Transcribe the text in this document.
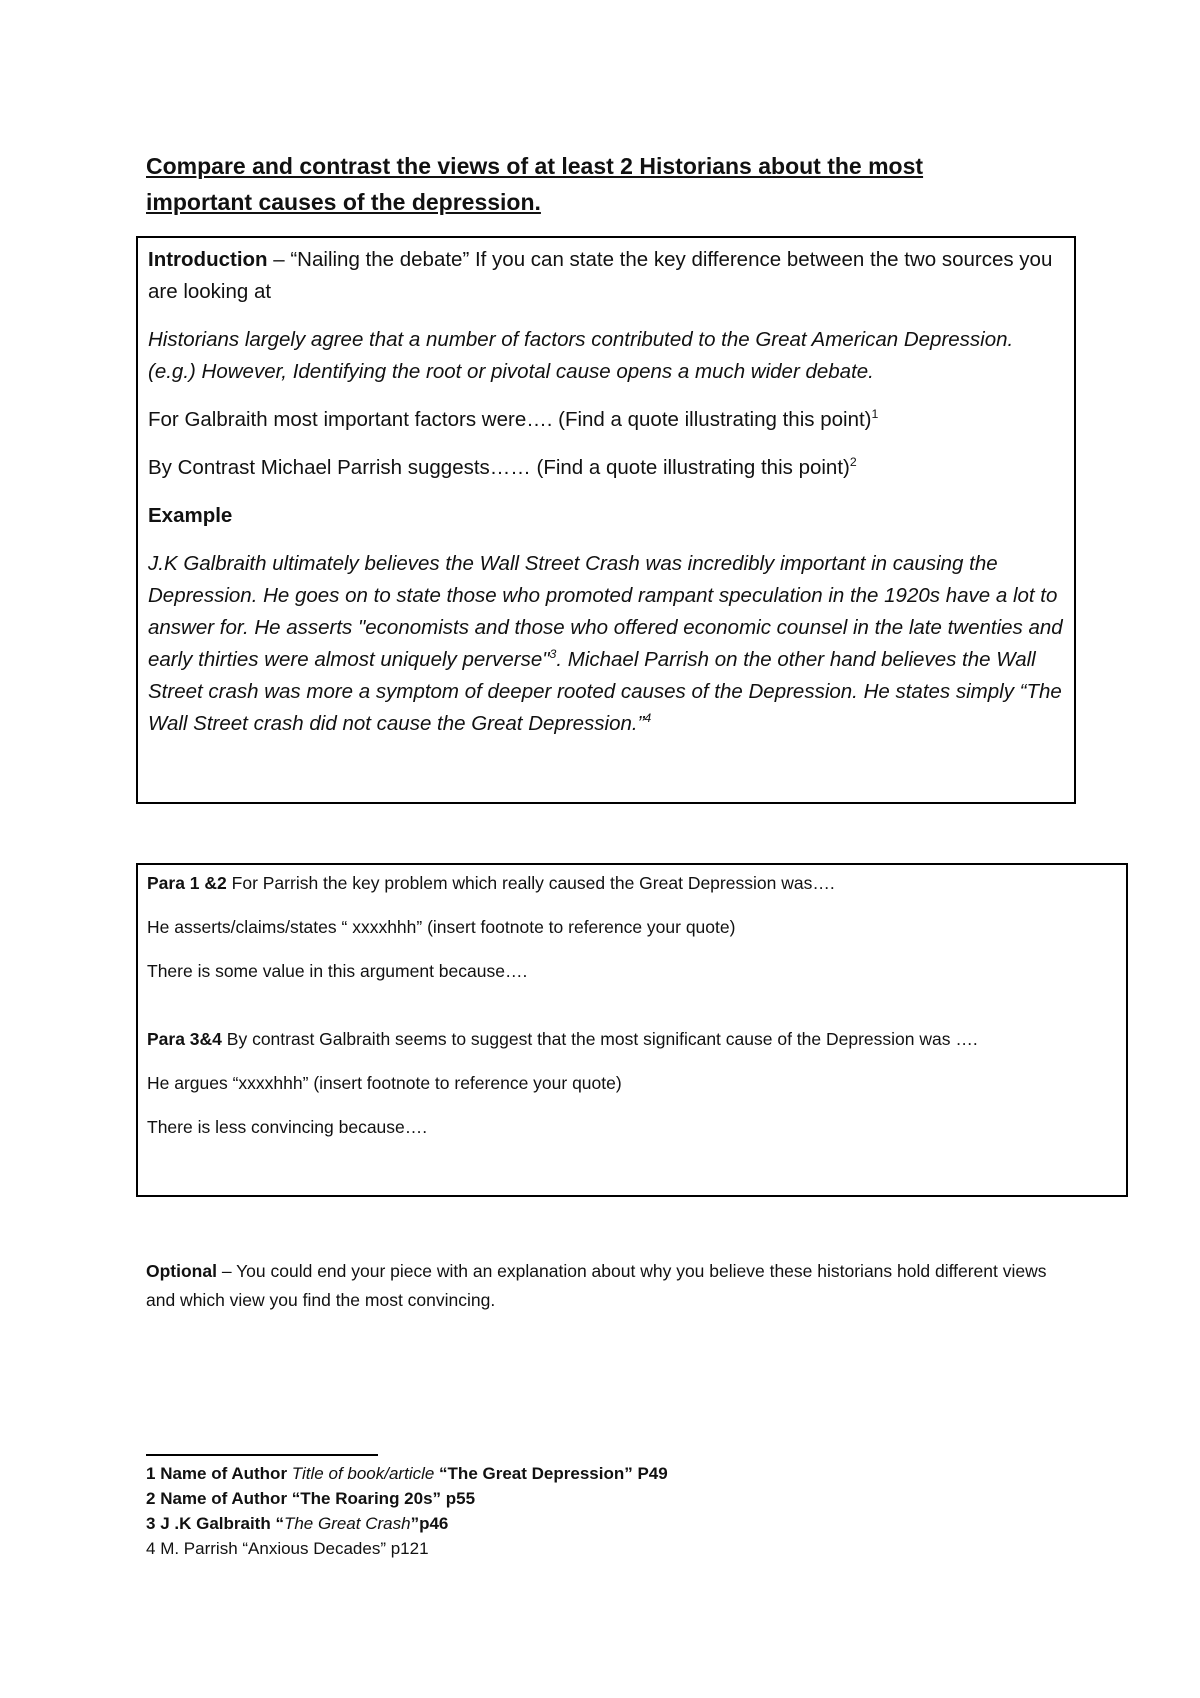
Compare and contrast the views of at least 2 Historians about the most
important causes of the depression.

Introduction – “Nailing the debate” If you can state the key difference between the two sources you are looking at

Historians largely agree that a number of factors contributed to the Great American Depression. (e.g.) However, Identifying the root or pivotal cause opens a much wider debate.

For Galbraith most important factors were…. (Find a quote illustrating this point)$^1$

By Contrast Michael Parrish suggests…… (Find a quote illustrating this point)$^2$

Example

J.K Galbraith ultimately believes the Wall Street Crash was incredibly important in causing the Depression. He goes on to state those who promoted rampant speculation in the 1920s have a lot to answer for. He asserts "economists and those who offered economic counsel in the late twenties and early thirties were almost uniquely perverse"$^3$. Michael Parrish on the other hand believes the Wall Street crash was more a symptom of deeper rooted causes of the Depression. He states simply “The Wall Street crash did not cause the Great Depression.”$^4$

Para 1 &2 For Parrish the key problem which really caused the Great Depression was….

He asserts/claims/states “ xxxxhhh” (insert footnote to reference your quote)

There is some value in this argument because….

Para 3&4 By contrast Galbraith seems to suggest that the most significant cause of the Depression was ….

He argues “xxxxhhh” (insert footnote to reference your quote)

There is less convincing because….

Optional – You could end your piece with an explanation about why you believe these historians hold different views and which view you find the most convincing.

1 Name of Author Title of book/article “The Great Depression” P49
2 Name of Author “The Roaring 20s” p55
3 J .K Galbraith “The Great Crash”p46
4 M. Parrish “Anxious Decades” p121
